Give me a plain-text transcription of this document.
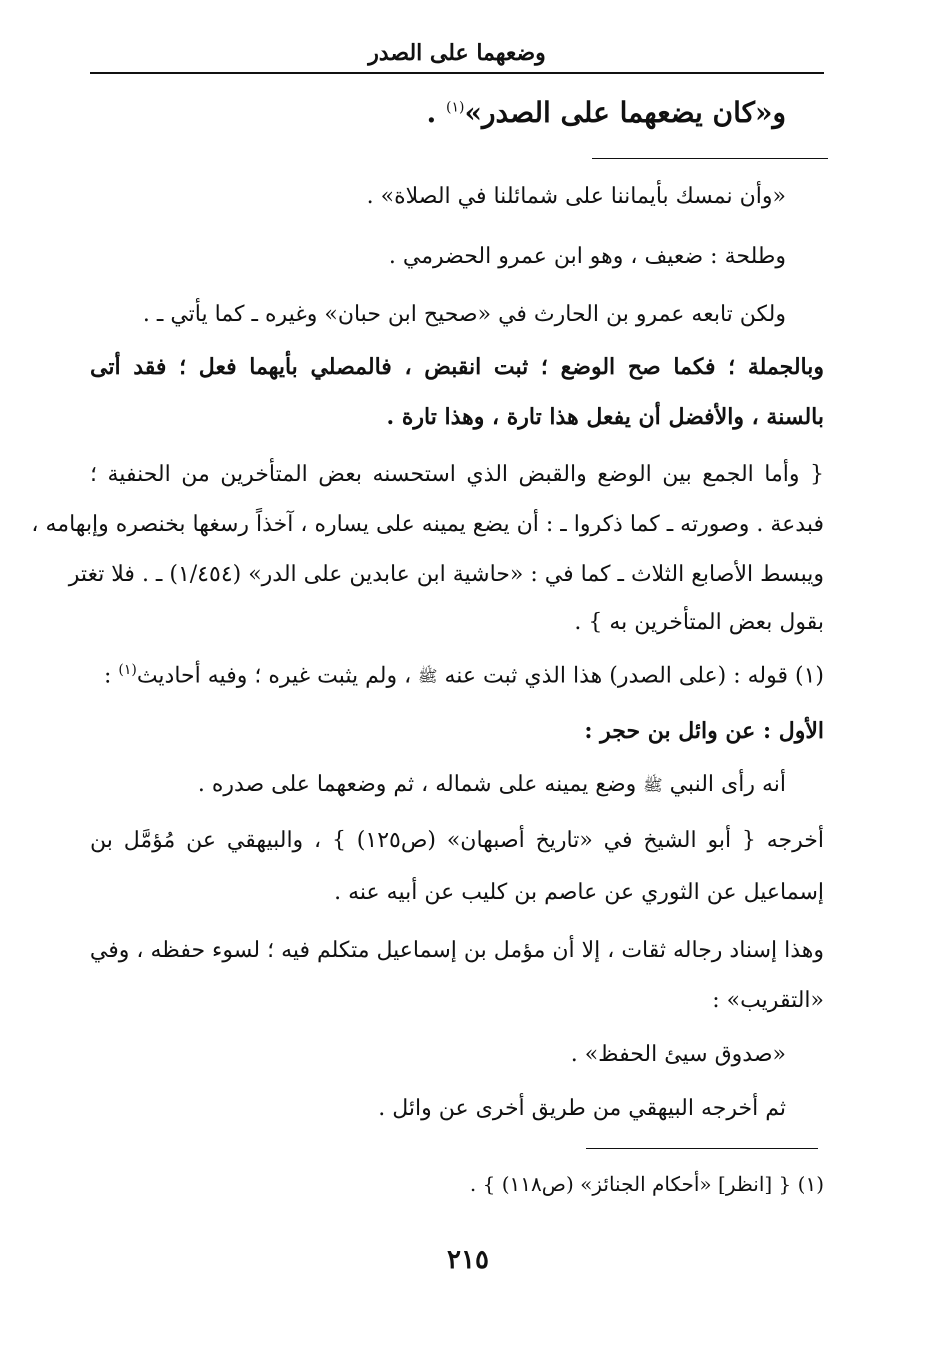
وضعهما على الصدر
و«كان يضعهما على الصدر»$^{(١)}$ .
«وأن نمسك بأيماننا على شمائلنا في الصلاة» .
وطلحة : ضعيف ، وهو ابن عمرو الحضرمي .
ولكن تابعه عمرو بن الحارث في «صحيح ابن حبان» وغيره ـ كما يأتي ـ .
وبالجملة ؛ فكما صح الوضع ؛ ثبت انقبض ، فالمصلي بأيهما فعل ؛ فقد أتى
بالسنة ، والأفضل أن يفعل هذا تارة ، وهذا تارة .
{ وأما الجمع بين الوضع والقبض الذي استحسنه بعض المتأخرين من الحنفية ؛
فبدعة . وصورته ـ كما ذكروا ـ : أن يضع يمينه على يساره ، آخذاً رسغها بخنصره وإبهامه ،
ويبسط الأصابع الثلاث ـ كما في : «حاشية ابن عابدين على الدر» (١/٤٥٤) ـ . فلا تغتر
بقول بعض المتأخرين به } .
(١) قوله : (على الصدر) هذا الذي ثبت عنه ﷺ ، ولم يثبت غيره ؛ وفيه أحاديث$^{(١)}$ :
الأول : عن وائل بن حجر :
أنه رأى النبي ﷺ وضع يمينه على شماله ، ثم وضعهما على صدره .
أخرجه { أبو الشيخ في «تاريخ أصبهان» (ص١٢٥) } ، والبيهقي عن مُؤمَّل بن
إسماعيل عن الثوري عن عاصم بن كليب عن أبيه عنه .
وهذا إسناد رجاله ثقات ، إلا أن مؤمل بن إسماعيل متكلم فيه ؛ لسوء حفظه ، وفي
«التقريب» :
«صدوق سيئ الحفظ» .
ثم أخرجه البيهقي من طريق أخرى عن وائل .
(١) { [انظر] «أحكام الجنائز» (ص١١٨) } .
٢١٥
